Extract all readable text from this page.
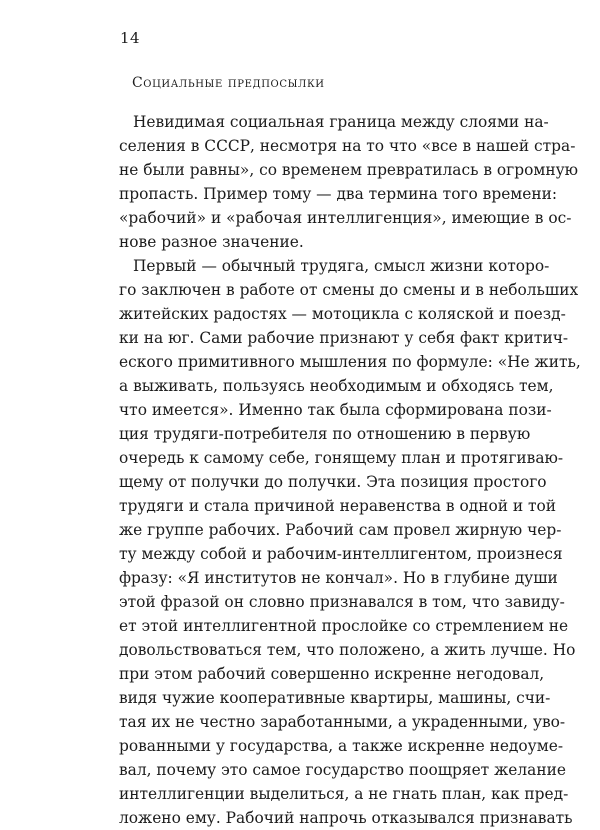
14
Социальные предпосылки
Невидимая социальная граница между слоями на-
селения в СССР, несмотря на то что «все в нашей стра-
не были равны», со временем превратилась в огромную
пропасть. Пример тому — два термина того времени:
«рабочий» и «рабочая интеллигенция», имеющие в ос-
нове разное значение.
Первый — обычный трудяга, смысл жизни которо-
го заключен в работе от смены до смены и в небольших
житейских радостях — мотоцикла с коляской и поезд-
ки на юг. Сами рабочие признают у себя факт критич-
еского примитивного мышления по формуле: «Не жить,
а выживать, пользуясь необходимым и обходясь тем,
что имеется». Именно так была сформирована пози-
ция трудяги-потребителя по отношению в первую
очередь к самому себе, гонящему план и протягиваю-
щему от получки до получки. Эта позиция простого
трудяги и стала причиной неравенства в одной и той
же группе рабочих. Рабочий сам провел жирную чер-
ту между собой и рабочим-интеллигентом, произнеся
фразу: «Я институтов не кончал». Но в глубине души
этой фразой он словно признавался в том, что завиду-
ет этой интеллигентной прослойке со стремлением не
довольствоваться тем, что положено, а жить лучше. Но
при этом рабочий совершенно искренне негодовал,
видя чужие кооперативные квартиры, машины, счи-
тая их не честно заработанными, а украденными, уво-
рованными у государства, а также искренне недоуме-
вал, почему это самое государство поощряет желание
интеллигенции выделиться, а не гнать план, как пред-
ложено ему. Рабочий напрочь отказывался признавать
